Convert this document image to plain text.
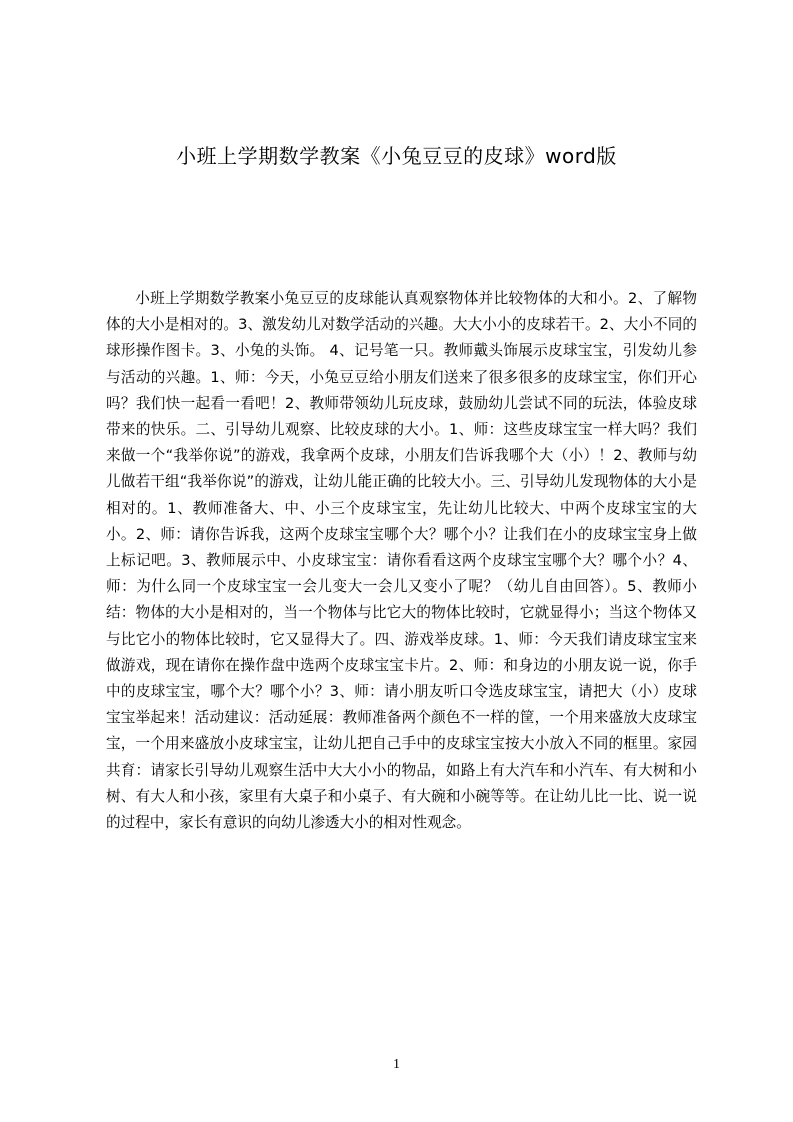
小班上学期数学教案《小兔豆豆的皮球》word版

小班上学期数学教案小兔豆豆的皮球能认真观察物体并比较物体的大和小。2、了解物体的大小是相对的。3、激发幼儿对数学活动的兴趣。大大小小的皮球若干。2、大小不同的球形操作图卡。3、小兔的头饰。 4、记号笔一只。教师戴头饰展示皮球宝宝，引发幼儿参与活动的兴趣。1、师：今天，小兔豆豆给小朋友们送来了很多很多的皮球宝宝，你们开心吗？我们快一起看一看吧！2、教师带领幼儿玩皮球，鼓励幼儿尝试不同的玩法，体验皮球带来的快乐。二、引导幼儿观察、比较皮球的大小。1、师：这些皮球宝宝一样大吗？我们来做一个“我举你说”的游戏，我拿两个皮球，小朋友们告诉我哪个大（小）！2、教师与幼儿做若干组“我举你说”的游戏，让幼儿能正确的比较大小。三、引导幼儿发现物体的大小是相对的。1、教师准备大、中、小三个皮球宝宝，先让幼儿比较大、中两个皮球宝宝的大小。2、师：请你告诉我，这两个皮球宝宝哪个大？哪个小？让我们在小的皮球宝宝身上做上标记吧。3、教师展示中、小皮球宝宝：请你看看这两个皮球宝宝哪个大？哪个小？4、师：为什么同一个皮球宝宝一会儿变大一会儿又变小了呢？（幼儿自由回答）。5、教师小结：物体的大小是相对的，当一个物体与比它大的物体比较时，它就显得小；当这个物体又与比它小的物体比较时，它又显得大了。四、游戏举皮球。1、师：今天我们请皮球宝宝来做游戏，现在请你在操作盘中选两个皮球宝宝卡片。2、师：和身边的小朋友说一说，你手中的皮球宝宝，哪个大？哪个小？3、师：请小朋友听口令选皮球宝宝，请把大（小）皮球宝宝举起来！活动建议：活动延展：教师准备两个颜色不一样的筐，一个用来盛放大皮球宝宝，一个用来盛放小皮球宝宝，让幼儿把自己手中的皮球宝宝按大小放入不同的框里。家园共育：请家长引导幼儿观察生活中大大小小的物品，如路上有大汽车和小汽车、有大树和小树、有大人和小孩，家里有大桌子和小桌子、有大碗和小碗等等。在让幼儿比一比、说一说的过程中，家长有意识的向幼儿渗透大小的相对性观念。

1
